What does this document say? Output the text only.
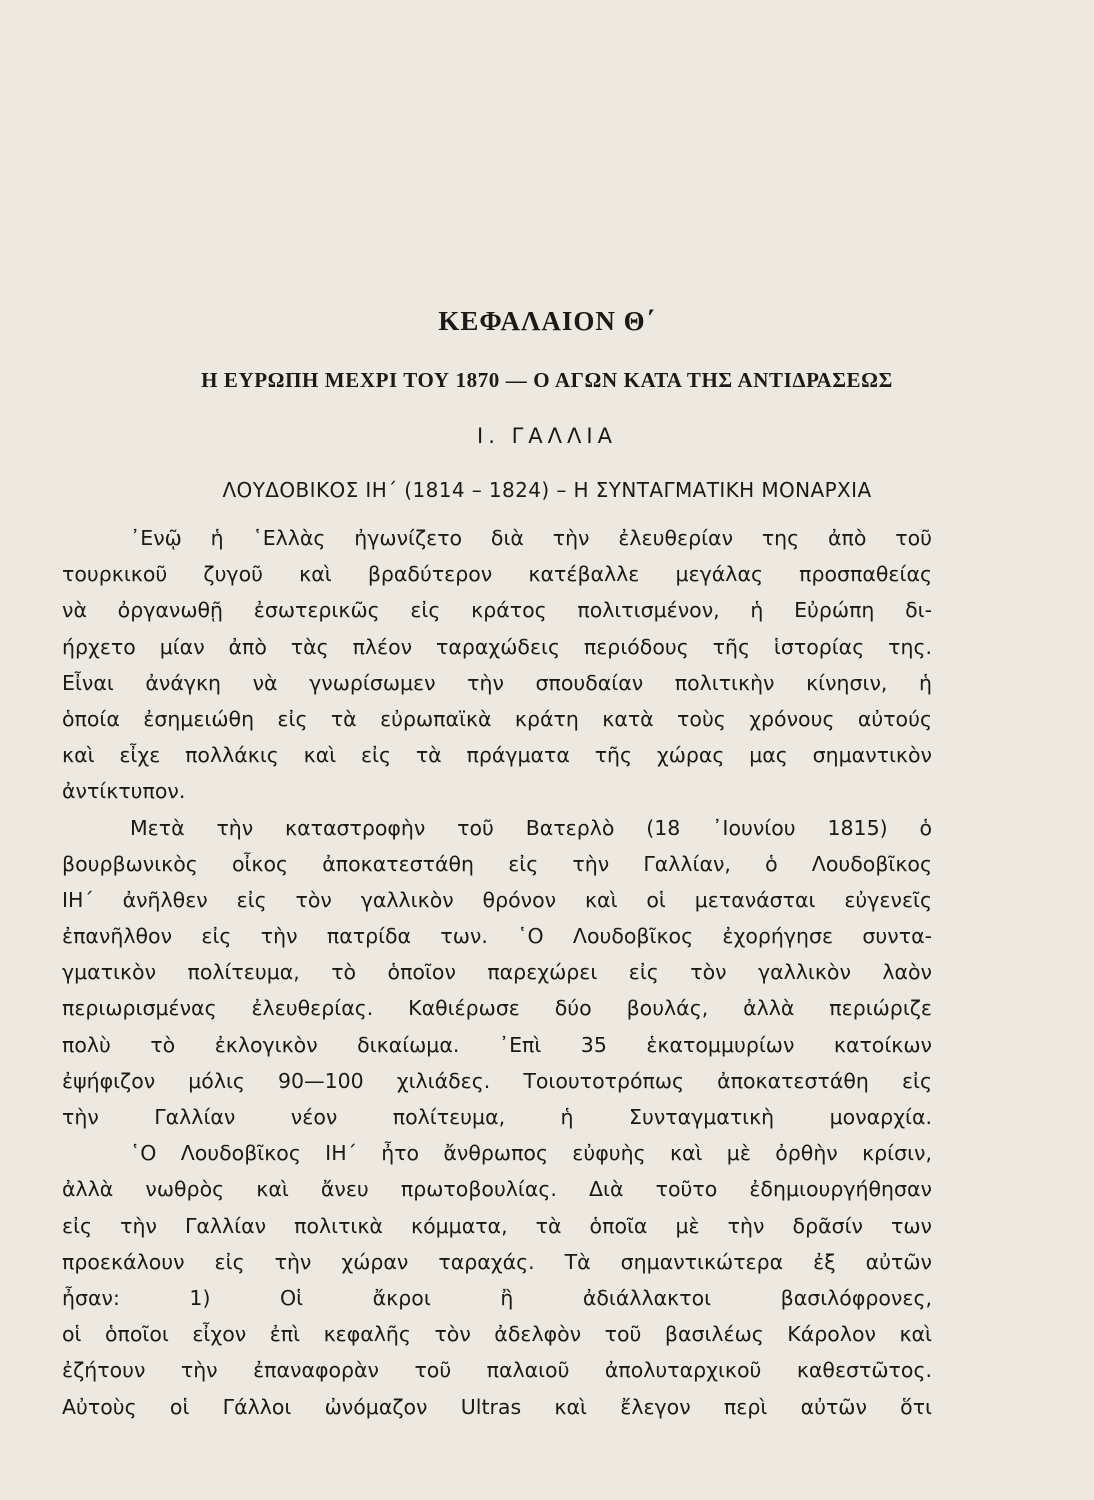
ΚΕΦΑΛΑΙΟΝ Θ΄
Η ΕΥΡΩΠΗ ΜΕΧΡΙ ΤΟΥ 1870 — Ο ΑΓΩΝ ΚΑΤΑ ΤΗΣ ΑΝΤΙΔΡΑΣΕΩΣ
Ι. ΓΑΛΛΙΑ
ΛΟΥΔΟΒΙΚΟΣ ΙΗ΄ (1814 – 1824) – Η ΣΥΝΤΑΓΜΑΤΙΚΗ ΜΟΝΑΡΧΙΑ
᾿Ενῷ ἡ ῾Ελλὰς ἠγωνίζετο διὰ τὴν ἐλευθερίαν της ἀπὸ τοῦ
τουρκικοῦ ζυγοῦ καὶ βραδύτερον κατέβαλλε μεγάλας προσπαθείας
νὰ ὀργανωθῇ ἐσωτερικῶς εἰς κράτος πολιτισμένον, ἡ Εὐρώπη δι-
ήρχετο μίαν ἀπὸ τὰς πλέον ταραχώδεις περιόδους τῆς ἱστορίας της.
Εἶναι ἀνάγκη νὰ γνωρίσωμεν τὴν σπουδαίαν πολιτικὴν κίνησιν, ἡ
ὁποία ἐσημειώθη εἰς τὰ εὐρωπαϊκὰ κράτη κατὰ τοὺς χρόνους αὐτούς
καὶ εἶχε πολλάκις καὶ εἰς τὰ πράγματα τῆς χώρας μας σημαντικὸν
ἀντίκτυπον.
Μετὰ τὴν καταστροφὴν τοῦ Βατερλὸ (18 ᾿Ιουνίου 1815) ὁ
βουρβωνικὸς οἶκος ἀποκατεστάθη εἰς τὴν Γαλλίαν, ὁ Λουδοβῖκος
ΙΗ΄ ἀνῆλθεν εἰς τὸν γαλλικὸν θρόνον καὶ οἱ μετανάσται εὐγενεῖς
ἐπανῆλθον εἰς τὴν πατρίδα των. ῾Ο Λουδοβῖκος ἐχορήγησε συντα-
γματικὸν πολίτευμα, τὸ ὁποῖον παρεχώρει εἰς τὸν γαλλικὸν λαὸν
περιωρισμένας ἐλευθερίας. Καθιέρωσε δύο βουλάς, ἀλλὰ περιώριζε
πολὺ τὸ ἐκλογικὸν δικαίωμα. ᾿Επὶ 35 ἑκατομμυρίων κατοίκων
ἐψήφιζον μόλις 90—100 χιλιάδες. Τοιουτοτρόπως ἀποκατεστάθη εἰς
τὴν Γαλλίαν νέον πολίτευμα, ἡ Συνταγματικὴ μοναρχία.
῾Ο Λουδοβῖκος ΙΗ΄ ἦτο ἄνθρωπος εὐφυὴς καὶ μὲ ὀρθὴν κρίσιν,
ἀλλὰ νωθρὸς καὶ ἄνευ πρωτοβουλίας. Διὰ τοῦτο ἐδημιουργήθησαν
εἰς τὴν Γαλλίαν πολιτικὰ κόμματα, τὰ ὁποῖα μὲ τὴν δρᾶσίν των
προεκάλουν εἰς τὴν χώραν ταραχάς. Τὰ σημαντικώτερα ἐξ αὐτῶν
ἦσαν: 1) Οἱ ἄκροι ἢ ἀδιάλλακτοι βασιλόφρονες,
οἱ ὁποῖοι εἶχον ἐπὶ κεφαλῆς τὸν ἀδελφὸν τοῦ βασιλέως Κάρολον καὶ
ἐζήτουν τὴν ἐπαναφορὰν τοῦ παλαιοῦ ἀπολυταρχικοῦ καθεστῶτος.
Αὐτοὺς οἱ Γάλλοι ὠνόμαζον Ultras καὶ ἔλεγον περὶ αὐτῶν ὅτι
